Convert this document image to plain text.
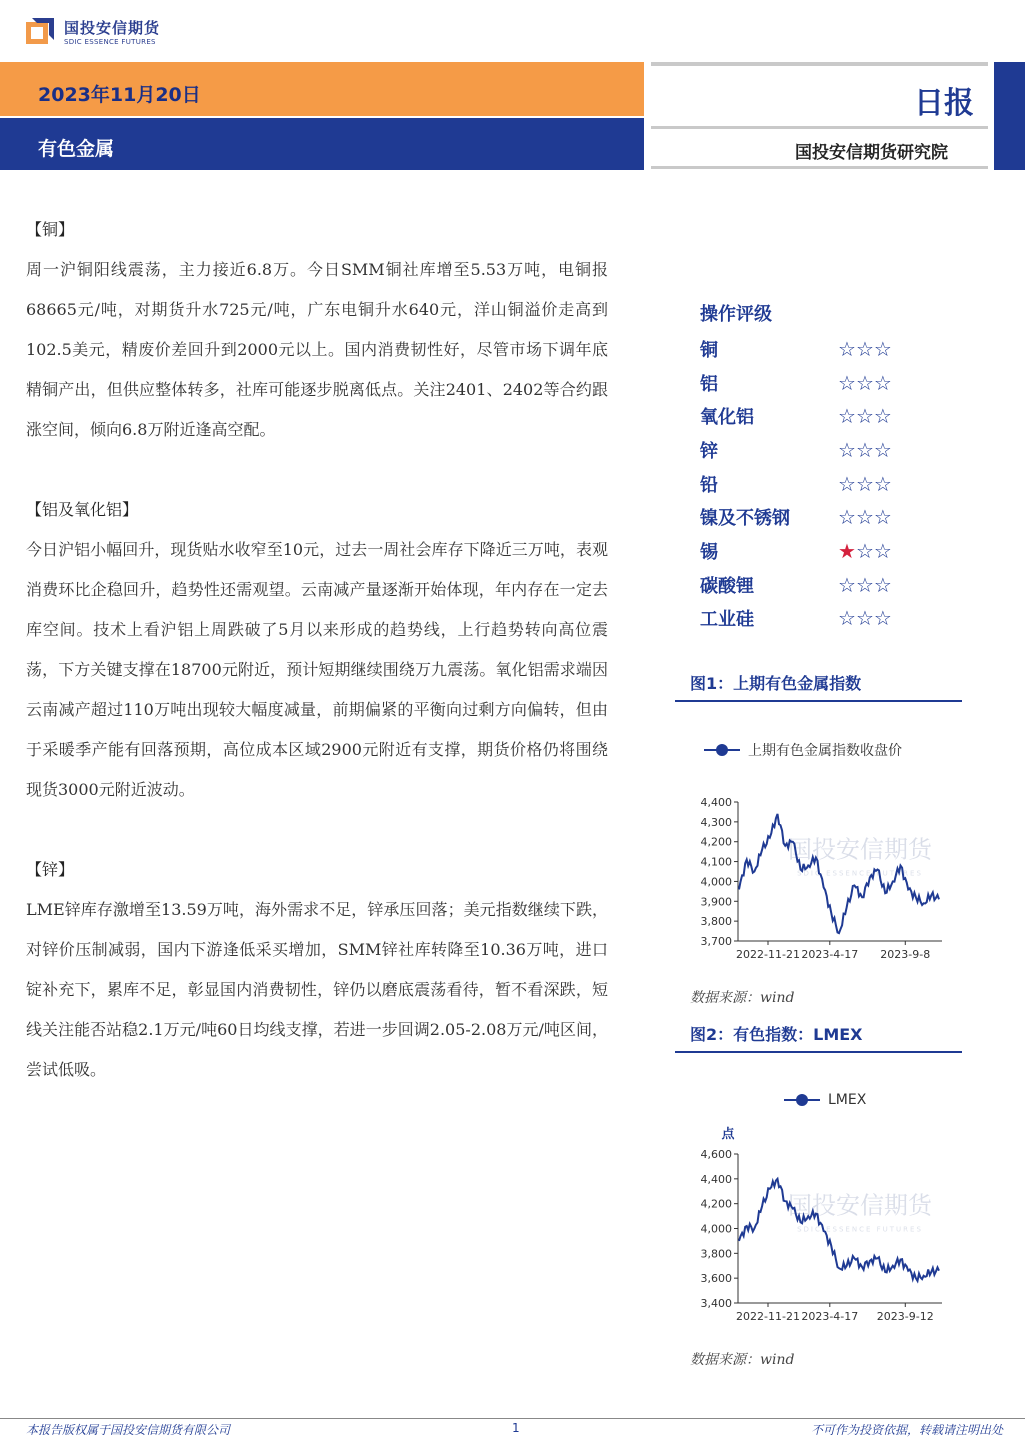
国投安信期货
SDIC ESSENCE FUTURES
2023年11月20日
有色金属
日报
国投安信期货研究院
【铜】
周一沪铜阳线震荡，主力接近6.8万。今日SMM铜社库增至5.53万吨，电铜报68665元/吨，对期货升水725元/吨，广东电铜升水640元，洋山铜溢价走高到102.5美元，精废价差回升到2000元以上。国内消费韧性好，尽管市场下调年底精铜产出，但供应整体转多，社库可能逐步脱离低点。关注2401、2402等合约跟涨空间，倾向6.8万附近逢高空配。
【铝及氧化铝】
今日沪铝小幅回升，现货贴水收窄至10元，过去一周社会库存下降近三万吨，表观消费环比企稳回升，趋势性还需观望。云南减产量逐渐开始体现，年内存在一定去库空间。技术上看沪铝上周跌破了5月以来形成的趋势线，上行趋势转向高位震荡，下方关键支撑在18700元附近，预计短期继续围绕万九震荡。氧化铝需求端因云南减产超过110万吨出现较大幅度减量，前期偏紧的平衡向过剩方向偏转，但由于采暖季产能有回落预期，高位成本区域2900元附近有支撑，期货价格仍将围绕现货3000元附近波动。
【锌】
LME锌库存激增至13.59万吨，海外需求不足，锌承压回落；美元指数继续下跌，对锌价压制减弱，国内下游逢低采买增加，SMM锌社库转降至10.36万吨，进口锭补充下，累库不足，彰显国内消费韧性，锌仍以磨底震荡看待，暂不看深跌，短线关注能否站稳2.1万元/吨60日均线支撑，若进一步回调2.05-2.08万元/吨区间，尝试低吸。
操作评级
铜	☆☆☆
铝	☆☆☆
氧化铝	☆☆☆
锌	☆☆☆
铅	☆☆☆
镍及不锈钢	☆☆☆
锡	★☆☆
碳酸锂	☆☆☆
工业硅	☆☆☆
图1：上期有色金属指数
上期有色金属指数收盘价
国投安信期货
SDIC ESSENCE FUTURES
4,400
4,300
4,200
4,100
4,000
3,900
3,800
3,700
2022-11-21 2023-4-17 2023-9-8
数据来源：wind
图2：有色指数：LMEX
LMEX
国投安信期货
SDIC ESSENCE FUTURES
4,600
4,400
4,200
4,000
3,800
3,600
3,400
2022-11-21 2023-4-17 2023-9-12
点
数据来源：wind
本报告版权属于国投安信期货有限公司	1	不可作为投资依据，转载请注明出处
